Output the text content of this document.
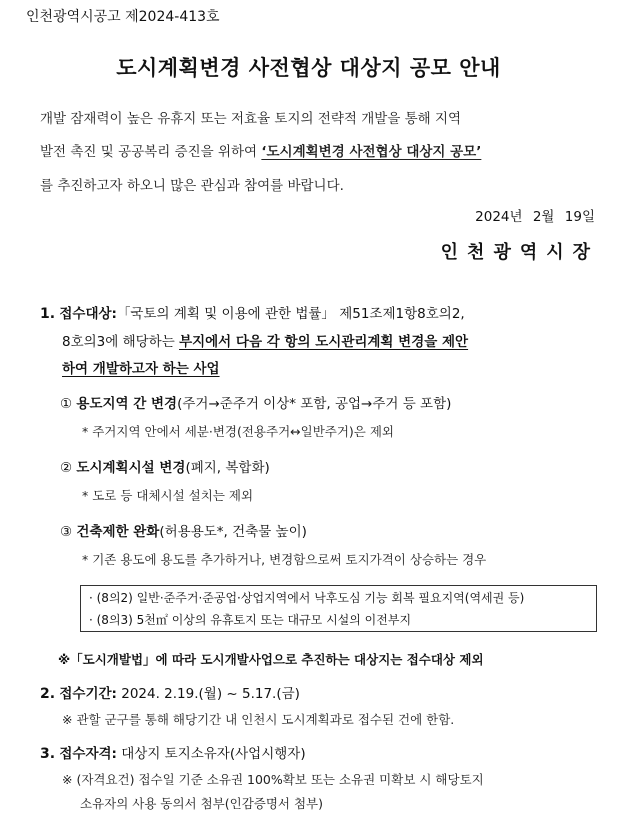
인천광역시공고 제2024-413호
도시계획변경 사전협상 대상지 공모 안내
개발 잠재력이 높은 유휴지 또는 저효율 토지의 전략적 개발을 통해 지역
발전 촉진 및 공공복리 증진을 위하여 ‘도시계획변경 사전협상 대상지 공모’
를 추진하고자 하오니 많은 관심과 참여를 바랍니다.
2024년 2월 19일
인천광역시장
1. 접수대상:「국토의 계획 및 이용에 관한 법률」 제51조제1항8호의2,
8호의3에 해당하는 부지에서 다음 각 항의 도시관리계획 변경을 제안
하여 개발하고자 하는 사업
① 용도지역 간 변경(주거→준주거 이상* 포함, 공업→주거 등 포함)
* 주거지역 안에서 세분·변경(전용주거↔일반주거)은 제외
② 도시계획시설 변경(폐지, 복합화)
* 도로 등 대체시설 설치는 제외
③ 건축제한 완화(허용용도*, 건축물 높이)
* 기존 용도에 용도를 추가하거나, 변경함으로써 토지가격이 상승하는 경우
· (8의2) 일반·준주거·준공업·상업지역에서 낙후도심 기능 회복 필요지역(역세권 등)
· (8의3) 5천㎡ 이상의 유휴토지 또는 대규모 시설의 이전부지
※「도시개발법」에 따라 도시개발사업으로 추진하는 대상지는 접수대상 제외
2. 접수기간: 2024. 2.19.(월) ~ 5.17.(금)
※ 관할 군구를 통해 해당기간 내 인천시 도시계획과로 접수된 건에 한함.
3. 접수자격: 대상지 토지소유자(사업시행자)
※ (자격요건) 접수일 기준 소유권 100%확보 또는 소유권 미확보 시 해당토지
소유자의 사용 동의서 첨부(인감증명서 첨부)
